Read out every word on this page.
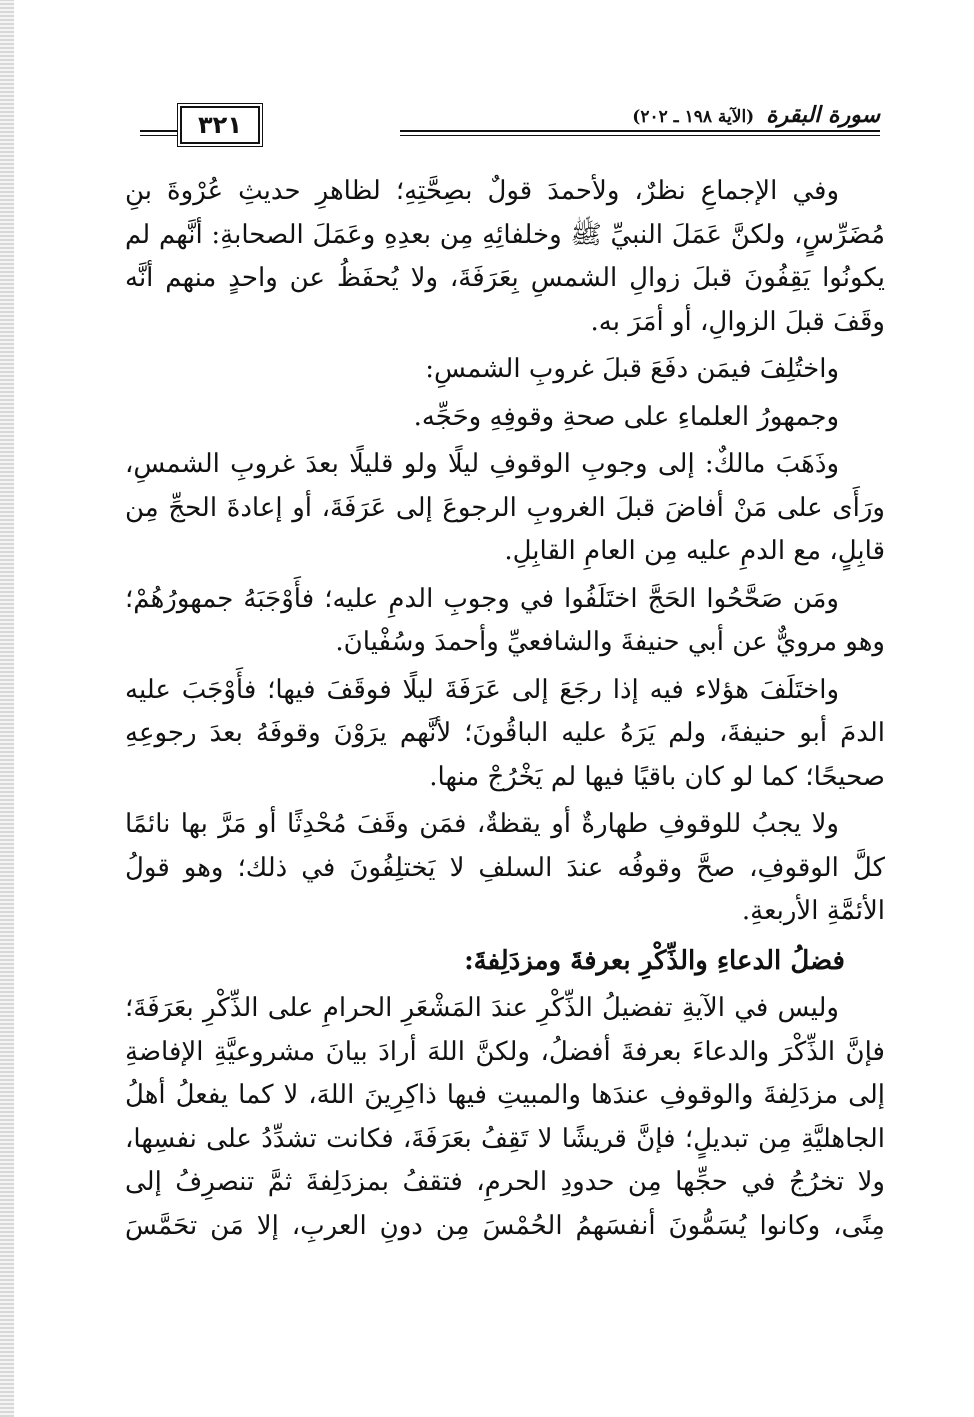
٣٢١	سورة البقرة (الآية ١٩٨ ـ ٢٠٢)

وفي الإجماعِ نظرٌ، ولأحمدَ قولٌ بصِحَّتِهِ؛ لظاهرِ حديثِ عُرْوةَ بنِ مُضَرِّسٍ، ولكنَّ عَمَلَ النبيِّ ﷺ وخلفائِهِ مِن بعدِهِ وعَمَلَ الصحابةِ: أنَّهم لم يكونُوا يَقِفُونَ قبلَ زوالِ الشمسِ بِعَرَفَةَ، ولا يُحفَظُ عن واحدٍ منهم أنَّه وقَفَ قبلَ الزوالِ، أو أمَرَ به.

واختُلِفَ فيمَن دفَعَ قبلَ غروبِ الشمسِ:

وجمهورُ العلماءِ على صحةِ وقوفِهِ وحَجِّه.

وذَهَبَ مالكٌ: إلى وجوبِ الوقوفِ ليلًا ولو قليلًا بعدَ غروبِ الشمسِ، ورَأَى على مَنْ أفاضَ قبلَ الغروبِ الرجوعَ إلى عَرَفَةَ، أو إعادةَ الحجِّ مِن قابِلٍ، مع الدمِ عليه مِن العامِ القابِلِ.

ومَن صَحَّحُوا الحَجَّ اختَلَفُوا في وجوبِ الدمِ عليه؛ فأَوْجَبَهُ جمهورُهُمْ؛ وهو مرويٌّ عن أبي حنيفةَ والشافعيِّ وأحمدَ وسُفْيانَ.

واختَلَفَ هؤلاء فيه إذا رجَعَ إلى عَرَفَةَ ليلًا فوقَفَ فيها؛ فأَوْجَبَ عليه الدمَ أبو حنيفةَ، ولم يَرَهُ عليه الباقُونَ؛ لأنَّهم يرَوْنَ وقوفَهُ بعدَ رجوعِهِ صحيحًا؛ كما لو كان باقيًا فيها لم يَخْرُجْ منها.

ولا يجبُ للوقوفِ طهارةٌ أو يقظةٌ، فمَن وقَفَ مُحْدِثًا أو مَرَّ بها نائمًا كلَّ الوقوفِ، صحَّ وقوفُه عندَ السلفِ لا يَختلِفُونَ في ذلك؛ وهو قولُ الأئمَّةِ الأربعةِ.

فضلُ الدعاءِ والذِّكْرِ بعرفةَ ومزدَلِفةَ:

وليس في الآيةِ تفضيلُ الذِّكْرِ عندَ المَشْعَرِ الحرامِ على الذِّكْرِ بعَرَفَةَ؛ فإنَّ الذِّكْرَ والدعاءَ بعرفةَ أفضلُ، ولكنَّ اللهَ أرادَ بيانَ مشروعيَّةِ الإفاضةِ إلى مزدَلِفةَ والوقوفِ عندَها والمبيتِ فيها ذاكِرِينَ اللهَ، لا كما يفعلُ أهلُ الجاهليَّةِ مِن تبديلٍ؛ فإنَّ قريشًا لا تَقِفُ بعَرَفَةَ، فكانت تشدِّدُ على نفسِها، ولا تخرُجُ في حجِّها مِن حدودِ الحرمِ، فتقفُ بمزدَلِفةَ ثمَّ تنصرِفُ إلى مِنًى، وكانوا يُسَمُّونَ أنفسَهمُ الحُمْسَ مِن دونِ العربِ، إلا مَن تحَمَّسَ
